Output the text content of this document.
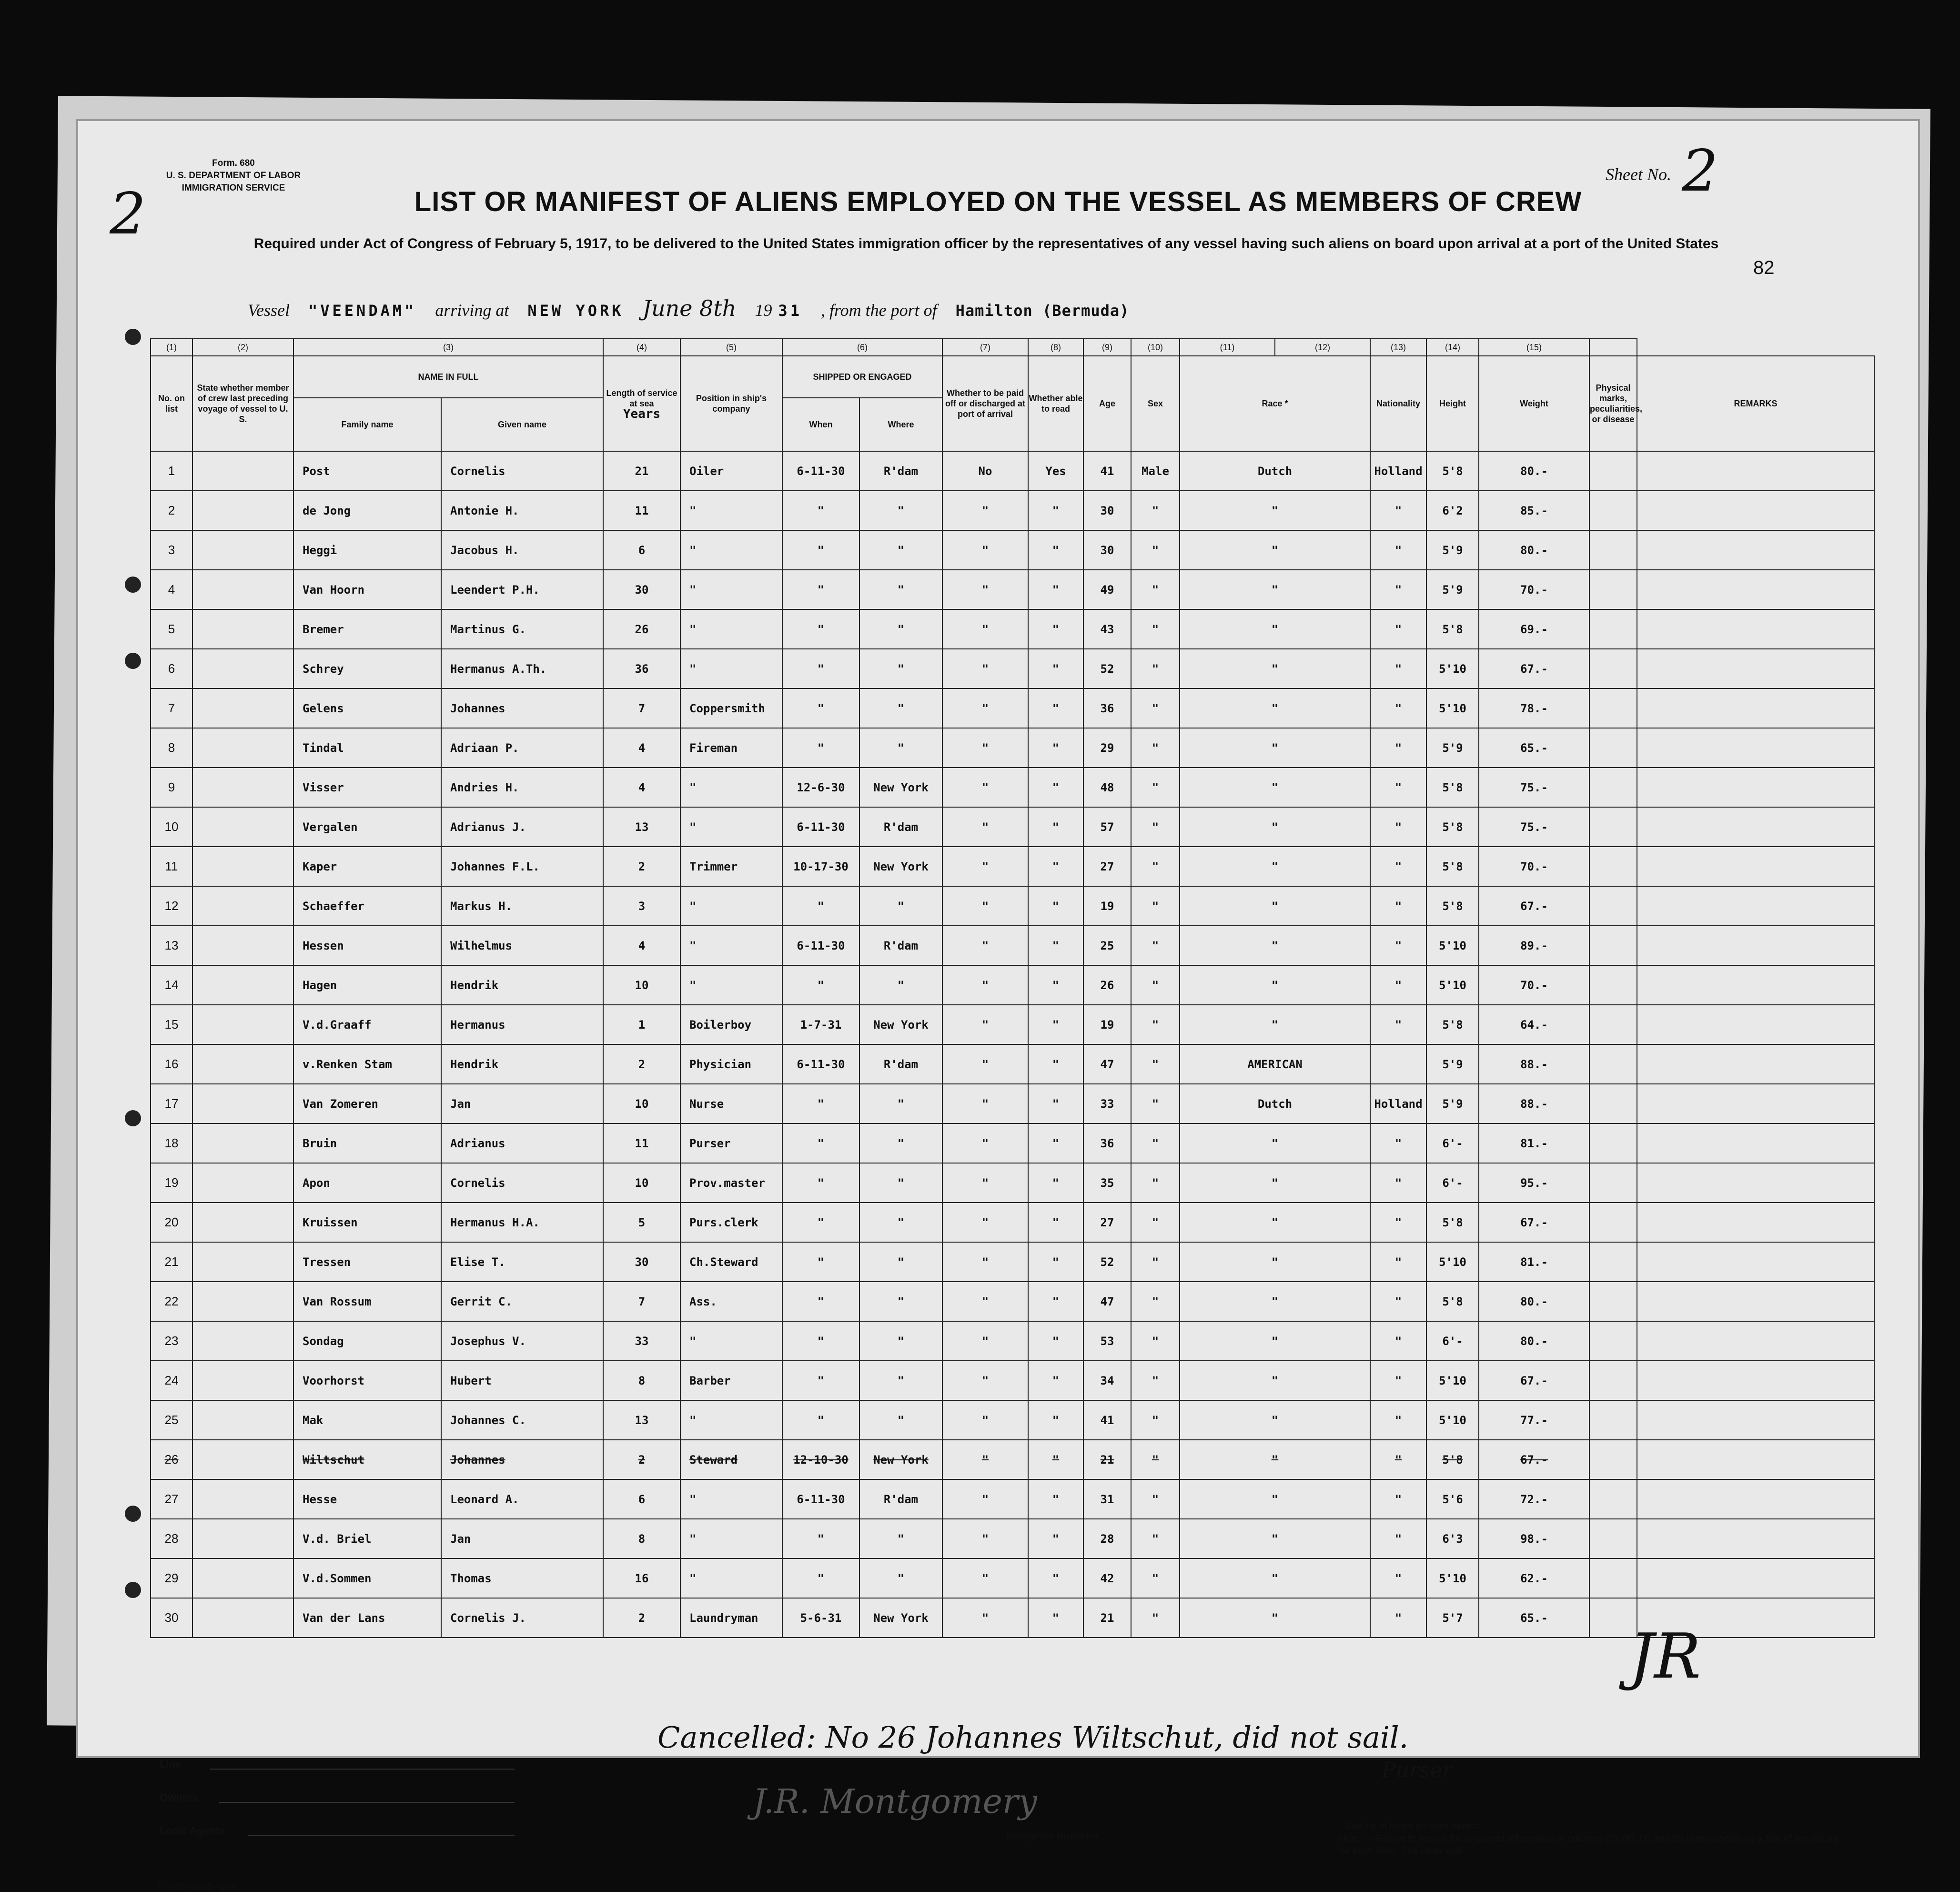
Form. 680
U. S. DEPARTMENT OF LABOR
IMMIGRATION SERVICE
2	LIST OR MANIFEST OF ALIENS EMPLOYED ON THE VESSEL AS MEMBERS OF CREW
Sheet No. 2
Required under Act of Congress of February 5, 1917, to be delivered to the United States immigration officer by the representatives of any vessel having such aliens on board upon arrival at a port of the United States
82
Vessel "VEENDAM" arriving at NEW YORK June 8th 19 31 , from the port of Hamilton (Bermuda)
(1)	(2)	(3)		(4)	(5)	(6)		(7)	(8)	(9)	(10)	(11)	(12)	(13)	(14)	(15)		
No. on list	State whether member of crew last preceding voyage of vessel to U. S.	NAME IN FULL		Length of service at sea
Years	Position in ship's company	SHIPPED OR ENGAGED		Whether to be paid off or discharged at port of arrival	Whether able to read	Age	Sex	Race *		Nationality	Height	Weight	Physical marks, peculiarities, or disease	REMARKS
		Family name	Given name			When	Where											
1		Post	Cornelis	21	Oiler	6-11-30	R'dam	No	Yes	41	Male	Dutch		Holland	5'8	80.-		
2		de Jong	Antonie H.	11	"	"	"	"	"	30	"	"		"	6'2	85.-		
3		Heggi	Jacobus H.	6	"	"	"	"	"	30	"	"		"	5'9	80.-		
4		Van Hoorn	Leendert P.H.	30	"	"	"	"	"	49	"	"		"	5'9	70.-		
5		Bremer	Martinus G.	26	"	"	"	"	"	43	"	"		"	5'8	69.-		
6		Schrey	Hermanus A.Th.	36	"	"	"	"	"	52	"	"		"	5'10	67.-		
7		Gelens	Johannes	7	Coppersmith	"	"	"	"	36	"	"		"	5'10	78.-		
8		Tindal	Adriaan P.	4	Fireman	"	"	"	"	29	"	"		"	5'9	65.-		
9		Visser	Andries H.	4	"	12-6-30	New York	"	"	48	"	"		"	5'8	75.-		
10		Vergalen	Adrianus J.	13	"	6-11-30	R'dam	"	"	57	"	"		"	5'8	75.-		
11		Kaper	Johannes F.L.	2	Trimmer	10-17-30	New York	"	"	27	"	"		"	5'8	70.-		
12		Schaeffer	Markus H.	3	"	"	"	"	"	19	"	"		"	5'8	67.-		
13		Hessen	Wilhelmus	4	"	6-11-30	R'dam	"	"	25	"	"		"	5'10	89.-		
14		Hagen	Hendrik	10	"	"	"	"	"	26	"	"		"	5'10	70.-		
15		V.d.Graaff	Hermanus	1	Boilerboy	1-7-31	New York	"	"	19	"	"		"	5'8	64.-		
16		v.Renken Stam	Hendrik	2	Physician	6-11-30	R'dam	"	"	47	"	AMERICAN			5'9	88.-		
17		Van Zomeren	Jan	10	Nurse	"	"	"	"	33	"	Dutch		Holland	5'9	88.-		
18		Bruin	Adrianus	11	Purser	"	"	"	"	36	"	"		"	6'-	81.-		
19		Apon	Cornelis	10	Prov.master	"	"	"	"	35	"	"		"	6'-	95.-		
20		Kruissen	Hermanus H.A.	5	Purs.clerk	"	"	"	"	27	"	"		"	5'8	67.-		
21		Tressen	Elise T.	30	Ch.Steward	"	"	"	"	52	"	"		"	5'10	81.-		
22		Van Rossum	Gerrit C.	7	Ass.	"	"	"	"	47	"	"		"	5'8	80.-		
23		Sondag	Josephus V.	33	"	"	"	"	"	53	"	"		"	6'-	80.-		
24		Voorhorst	Hubert	8	Barber	"	"	"	"	34	"	"		"	5'10	67.-		
25		Mak	Johannes C.	13	"	"	"	"	"	41	"	"		"	5'10	77.-		
26		Wiltschut	Johannes	2	Steward	12-10-30	New York	"	"	21	"	"		"	5'8	67.-		
27		Hesse	Leonard A.	6	"	6-11-30	R'dam	"	"	31	"	"		"	5'6	72.-		
28		V.d. Briel	Jan	8	"	"	"	"	"	28	"	"		"	6'3	98.-		
29		V.d.Sommen	Thomas	16	"	"	"	"	"	42	"	"		"	5'10	62.-		
30		Van der Lans	Cornelis J.	2	Laundryman	5-6-31	New York	"	"	21	"	"		"	5'7	65.-		
Cancelled: No 26 Johannes Wiltschut, did not sail.
Purser
JR
Line
Owners
Local Agents
J.R. Montgomery
Immigrant Inspector.
* See list of races on back hereof.
Note. — Failure to furnish full or correct information in columns (3), (6), (7) and (8) is punishable by a fine of ten dollars for each alien. See other side.
T. 3732 - 5000 - 1-30.
